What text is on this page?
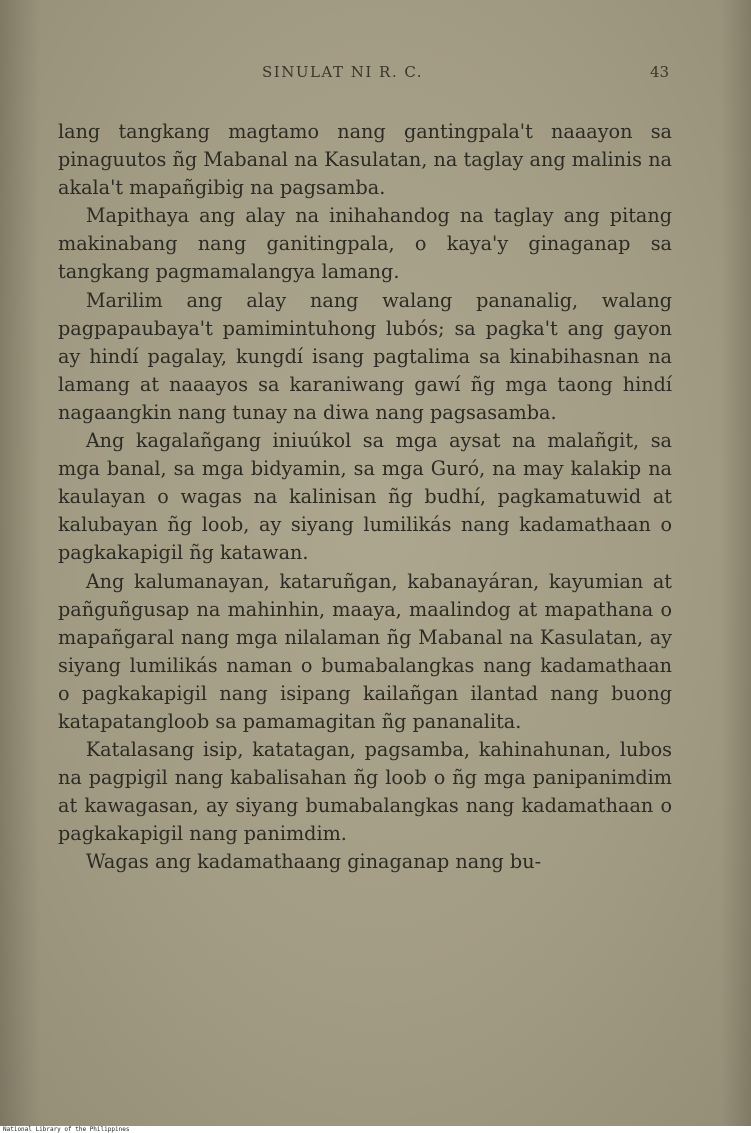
SINULAT NI R. C.	43

lang tangkang magtamo nang gantingpala't naaayon sa pinaguutos ñg Mabanal na Kasulatan, na taglay ang malinis na akala't mapañgibig na pagsamba.

Mapithaya ang alay na inihahandog na taglay ang pitang makinabang nang ganitingpala, o kaya'y ginaganap sa tangkang pagmamalangya lamang.

Marilim ang alay nang walang pananalig, walang pagpapaubaya't pamimintuhong lubós; sa pagka't ang gayon ay hindí pagalay, kungdí isang pagtalima sa kinabihasnan na lamang at naaayos sa karaniwang gawí ñg mga taong hindí nagaangkin nang tunay na diwa nang pagsasamba.

Ang kagalañgang iniuúkol sa mga aysat na malañgit, sa mga banal, sa mga bidyamin, sa mga Guró, na may kalakip na kaulayan o wagas na kalinisan ñg budhí, pagkamatuwid at kalubayan ñg loob, ay siyang lumilikás nang kadamathaan o pagkakapigil ñg katawan.

Ang kalumanayan, kataruñgan, kabanayáran, kayumian at pañguñgusap na mahinhin, maaya, maalindog at mapathana o mapañgaral nang mga nilalaman ñg Mabanal na Kasulatan, ay siyang lumilikás naman o bumabalangkas nang kadamathaan o pagkakapigil nang isipang kailañgan ilantad nang buong katapatangloob sa pamamagitan ñg pananalita.

Katalasang isip, katatagan, pagsamba, kahinahunan, lubos na pagpigil nang kabalisahan ñg loob o ñg mga panipanimdim at kawagasan, ay siyang bumabalangkas nang kadamathaan o pagkakapigil nang panimdim.

Wagas ang kadamathaang ginaganap nang bu-

National Library of the Philippines
